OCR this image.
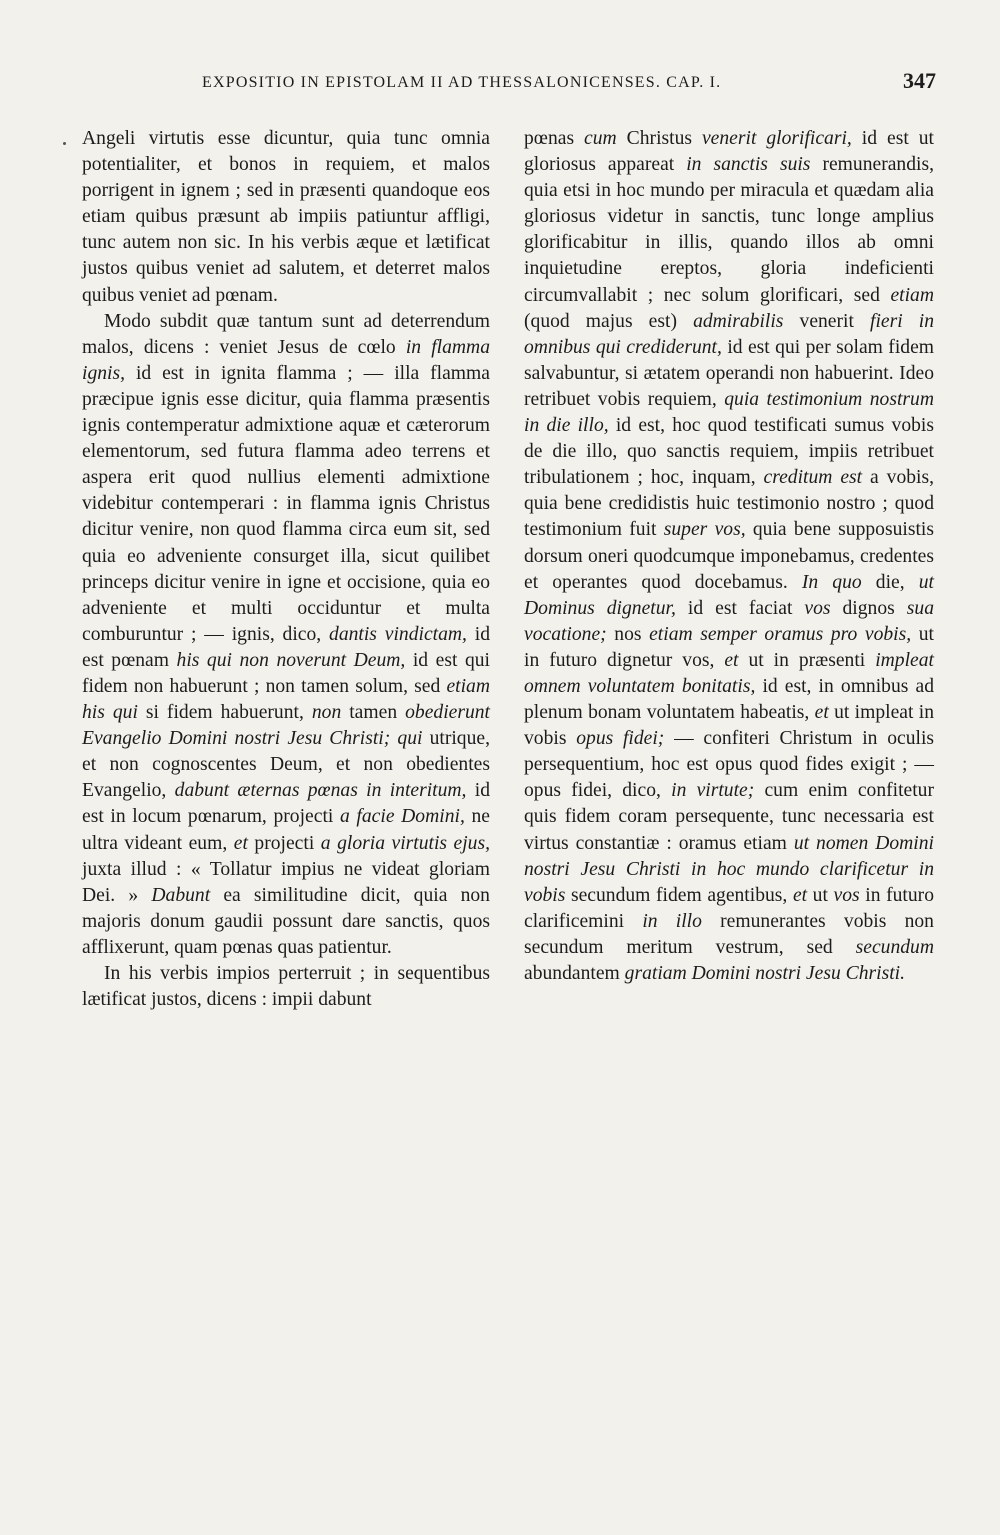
EXPOSITIO IN EPISTOLAM II AD THESSALONICENSES. CAP. I.	347

Angeli virtutis esse dicuntur, quia tunc omnia potentialiter, et bonos in requiem, et malos porrigent in ignem ; sed in præsenti quandoque eos etiam quibus præsunt ab impiis patiuntur affligi, tunc autem non sic. In his verbis æque et lætificat justos quibus veniet ad salutem, et deterret malos quibus veniet ad pœnam.

Modo subdit quæ tantum sunt ad deterrendum malos, dicens : veniet Jesus de cœlo in flamma ignis, id est in ignita flamma ; — illa flamma præcipue ignis esse dicitur, quia flamma præsentis ignis contemperatur admixtione aquæ et cæterorum elementorum, sed futura flamma adeo terrens et aspera erit quod nullius elementi admixtione videbitur contemperari : in flamma ignis Christus dicitur venire, non quod flamma circa eum sit, sed quia eo adveniente consurget illa, sicut quilibet princeps dicitur venire in igne et occisione, quia eo adveniente et multi occiduntur et multa comburuntur ; — ignis, dico, dantis vindictam, id est pœnam his qui non noverunt Deum, id est qui fidem non habuerunt ; non tamen solum, sed etiam his qui si fidem habuerunt, non tamen obedierunt Evangelio Domini nostri Jesu Christi; qui utrique, et non cognoscentes Deum, et non obedientes Evangelio, dabunt æternas pœnas in interitum, id est in locum pœnarum, projecti a facie Domini, ne ultra videant eum, et projecti a gloria virtutis ejus, juxta illud : « Tollatur impius ne videat gloriam Dei. » Dabunt ea similitudine dicit, quia non majoris donum gaudii possunt dare sanctis, quos afflixerunt, quam pœnas quas patientur.

In his verbis impios perterruit ; in sequentibus lætificat justos, dicens : impii dabunt

pœnas cum Christus venerit glorificari, id est ut gloriosus appareat in sanctis suis remunerandis, quia etsi in hoc mundo per miracula et quædam alia gloriosus videtur in sanctis, tunc longe amplius glorificabitur in illis, quando illos ab omni inquietudine ereptos, gloria indeficienti circumvallabit ; nec solum glorificari, sed etiam (quod majus est) admirabilis venerit fieri in omnibus qui crediderunt, id est qui per solam fidem salvabuntur, si ætatem operandi non habuerint. Ideo retribuet vobis requiem, quia testimonium nostrum in die illo, id est, hoc quod testificati sumus vobis de die illo, quo sanctis requiem, impiis retribuet tribulationem ; hoc, inquam, creditum est a vobis, quia bene credidistis huic testimonio nostro ; quod testimonium fuit super vos, quia bene supposuistis dorsum oneri quodcumque imponebamus, credentes et operantes quod docebamus. In quo die, ut Dominus dignetur, id est faciat vos dignos sua vocatione; nos etiam semper oramus pro vobis, ut in futuro dignetur vos, et ut in præsenti impleat omnem voluntatem bonitatis, id est, in omnibus ad plenum bonam voluntatem habeatis, et ut impleat in vobis opus fidei; — confiteri Christum in oculis persequentium, hoc est opus quod fides exigit ; — opus fidei, dico, in virtute; cum enim confitetur quis fidem coram persequente, tunc necessaria est virtus constantiæ : oramus etiam ut nomen Domini nostri Jesu Christi in hoc mundo clarificetur in vobis secundum fidem agentibus, et ut vos in futuro clarificemini in illo remunerantes vobis non secundum meritum vestrum, sed secundum abundantem gratiam Domini nostri Jesu Christi.
